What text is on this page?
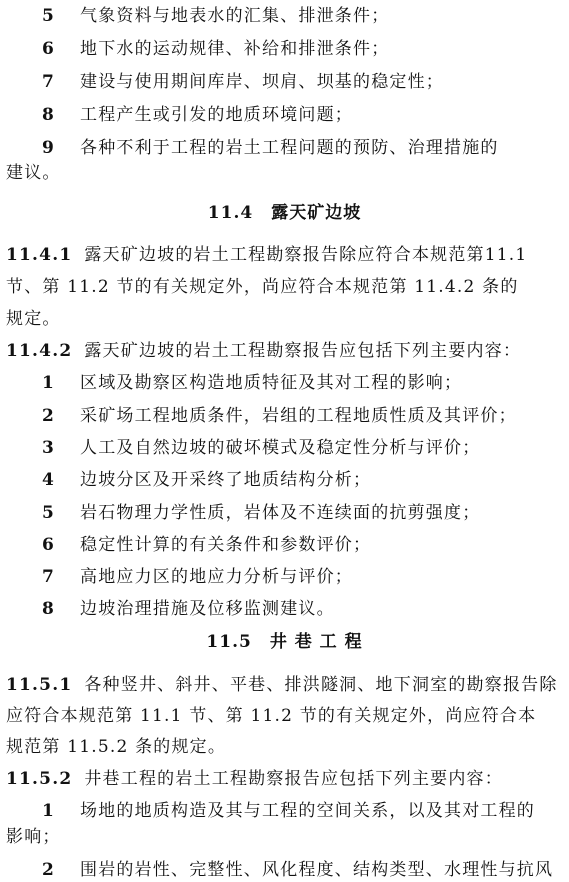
5 气象资料与地表水的汇集、排泄条件；
6 地下水的运动规律、补给和排泄条件；
7 建设与使用期间库岸、坝肩、坝基的稳定性；
8 工程产生或引发的地质环境问题；
9 各种不利于工程的岩土工程问题的预防、治理措施的
建议。
11.4 露天矿边坡
11.4.1 露天矿边坡的岩土工程勘察报告除应符合本规范第11.1
节、第 11.2 节的有关规定外，尚应符合本规范第 11.4.2 条的
规定。
11.4.2 露天矿边坡的岩土工程勘察报告应包括下列主要内容：
1 区域及勘察区构造地质特征及其对工程的影响；
2 采矿场工程地质条件，岩组的工程地质性质及其评价；
3 人工及自然边坡的破坏模式及稳定性分析与评价；
4 边坡分区及开采终了地质结构分析；
5 岩石物理力学性质，岩体及不连续面的抗剪强度；
6 稳定性计算的有关条件和参数评价；
7 高地应力区的地应力分析与评价；
8 边坡治理措施及位移监测建议。
11.5 井 巷 工 程
11.5.1 各种竖井、斜井、平巷、排洪隧洞、地下洞室的勘察报告除
应符合本规范第 11.1 节、第 11.2 节的有关规定外，尚应符合本
规范第 11.5.2 条的规定。
11.5.2 井巷工程的岩土工程勘察报告应包括下列主要内容：
1 场地的地质构造及其与工程的空间关系，以及其对工程的
影响；
2 围岩的岩性、完整性、风化程度、结构类型、水理性与抗风
